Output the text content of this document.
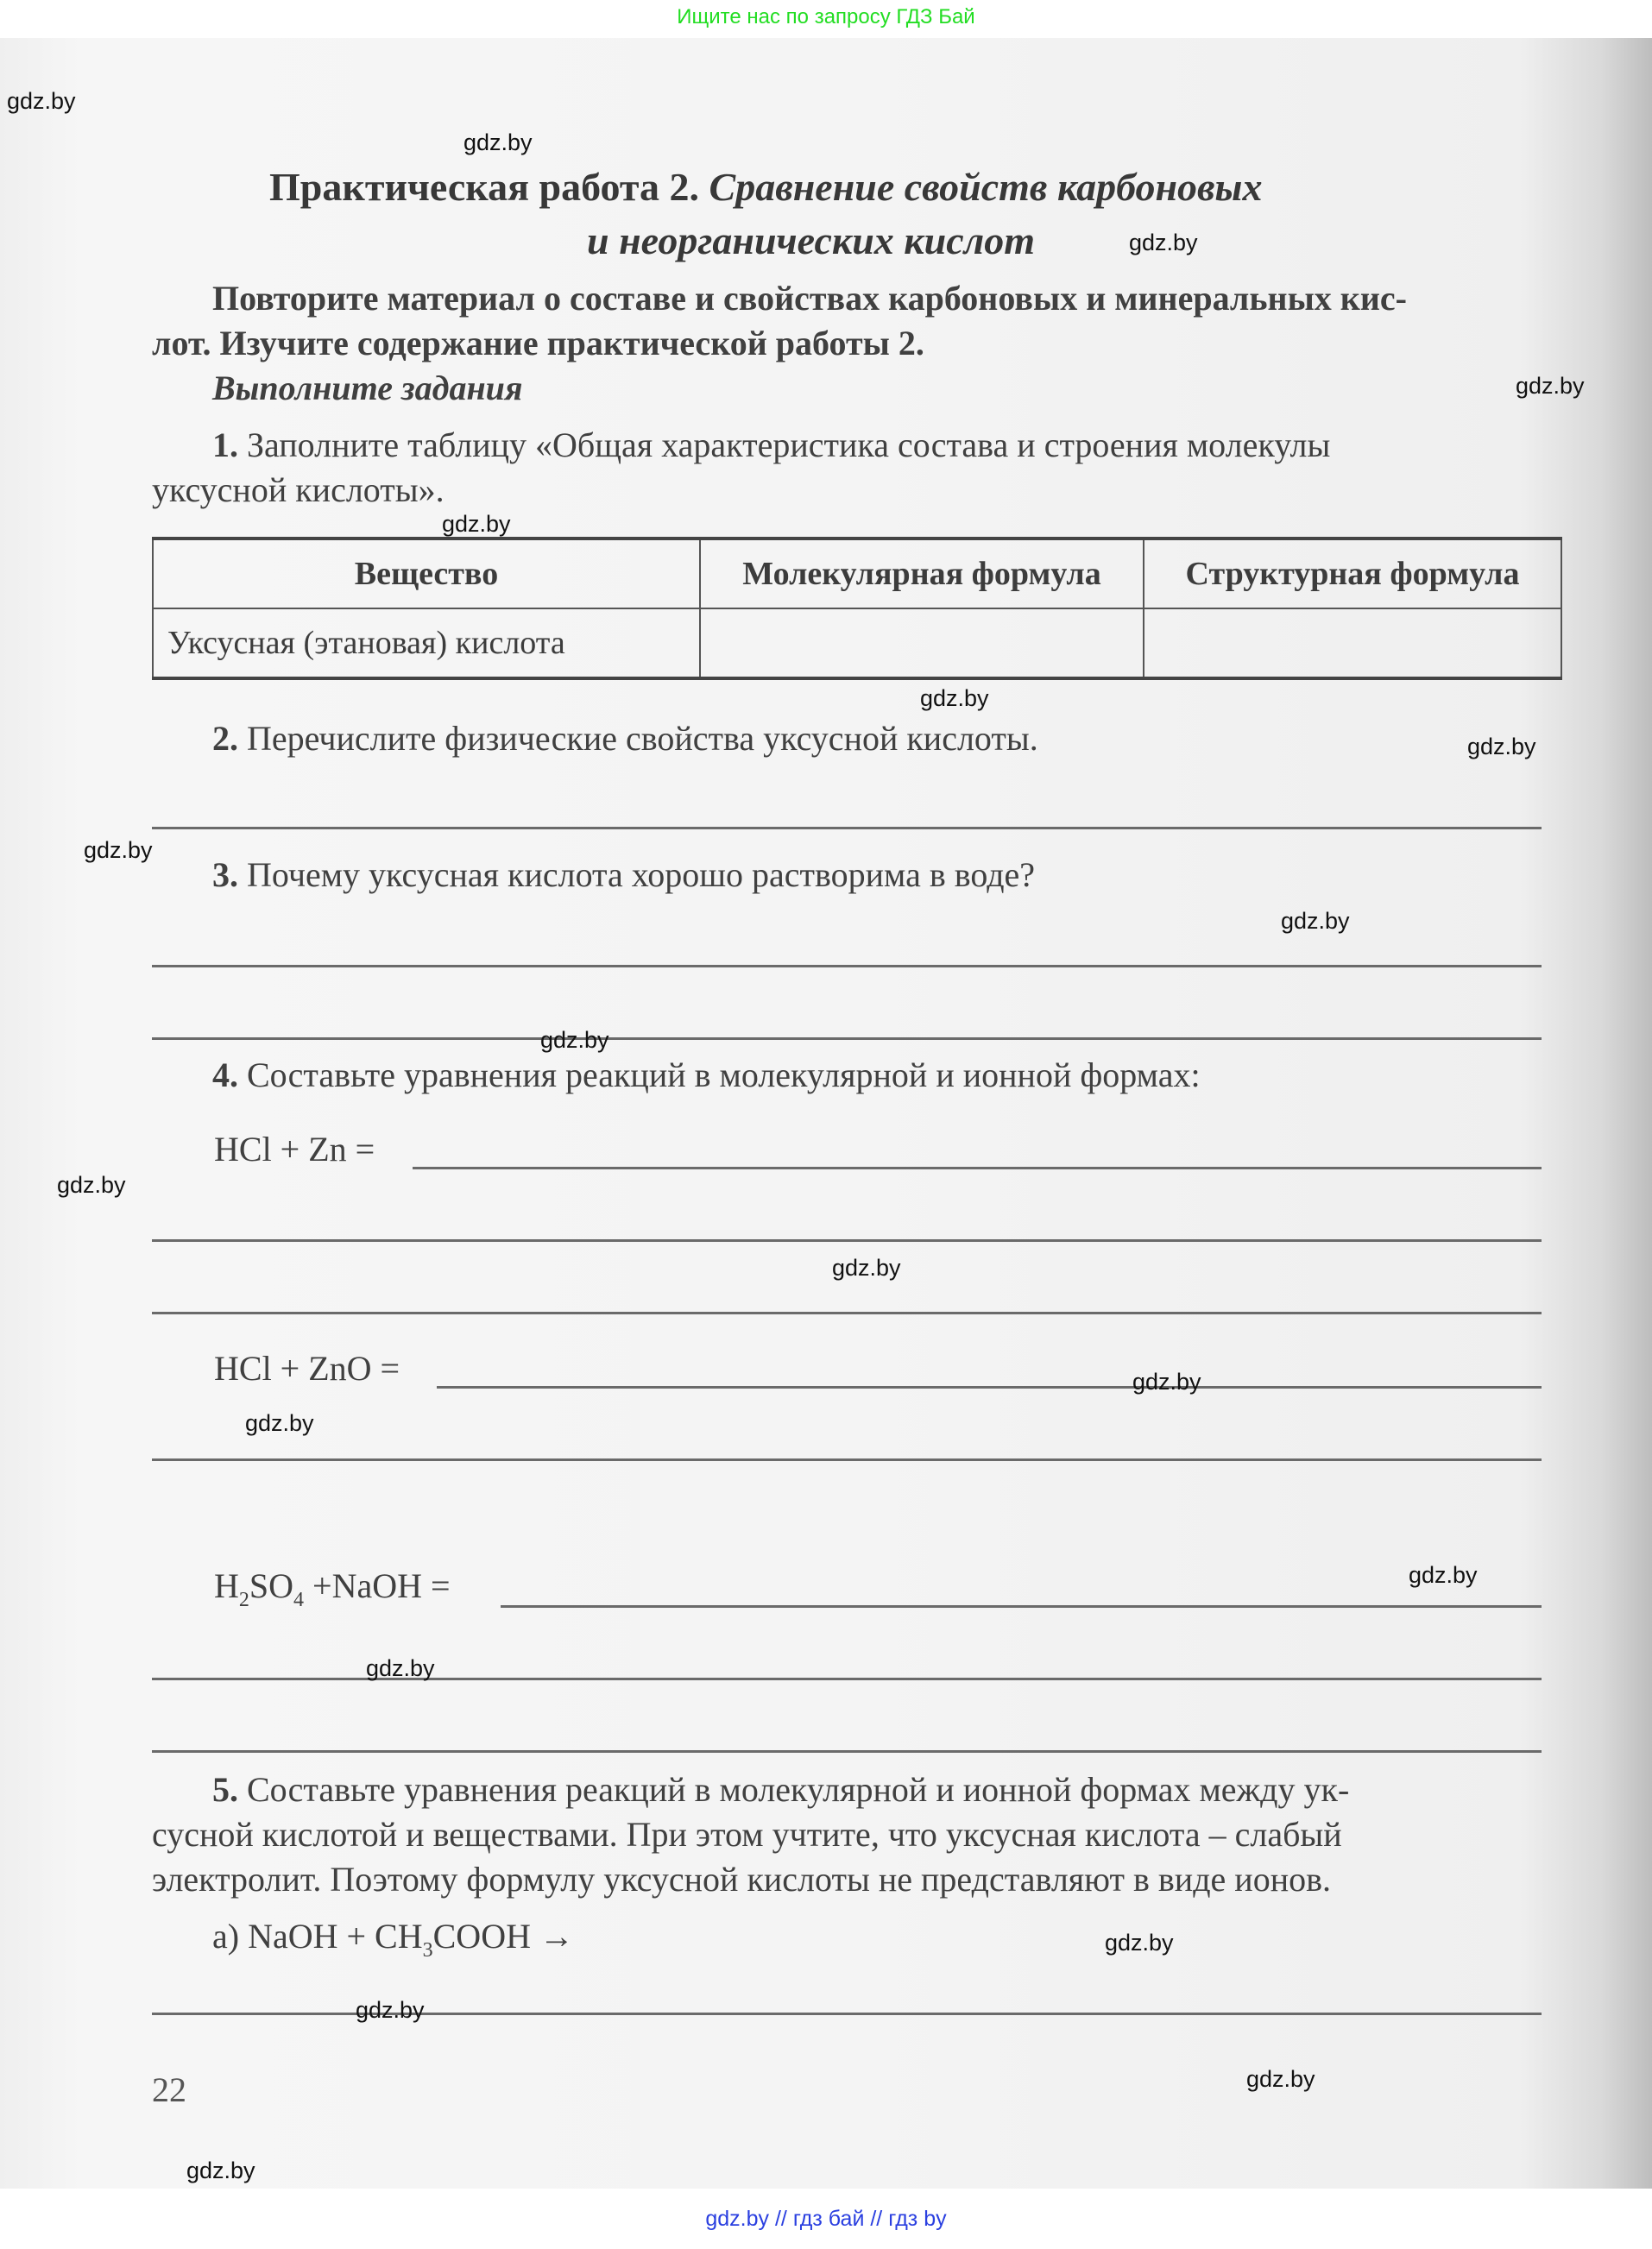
Ищите нас по запросу ГДЗ Бай
Практическая работа 2. Сравнение свойств карбоновых
и неорганических кислот
Повторите материал о составе и свойствах карбоновых и минеральных кис-
лот. Изучите содержание практической работы 2.
Выполните задания
1. Заполните таблицу «Общая характеристика состава и строения молекулы
уксусной кислоты».
Вещество	Молекулярная формула	Структурная формула
Уксусная (этановая) кислота		
2. Перечислите физические свойства уксусной кислоты.
3. Почему уксусная кислота хорошо растворима в воде?
4. Составьте уравнения реакций в молекулярной и ионной формах:
HCl + Zn =
HCl + ZnO =
$H_2SO_4$ +NaOH =
5. Составьте уравнения реакций в молекулярной и ионной формах между ук-
сусной кислотой и веществами. При этом учтите, что уксусная кислота – слабый
электролит. Поэтому формулу уксусной кислоты не представляют в виде ионов.
а) NaOH + $CH_3COOH$ →
22
gdz.by
gdz.by
gdz.by
gdz.by
gdz.by
gdz.by
gdz.by
gdz.by
gdz.by
gdz.by
gdz.by
gdz.by
gdz.by
gdz.by
gdz.by
gdz.by
gdz.by
gdz.by
gdz.by
gdz.by
gdz.by // гдз бай // гдз by
